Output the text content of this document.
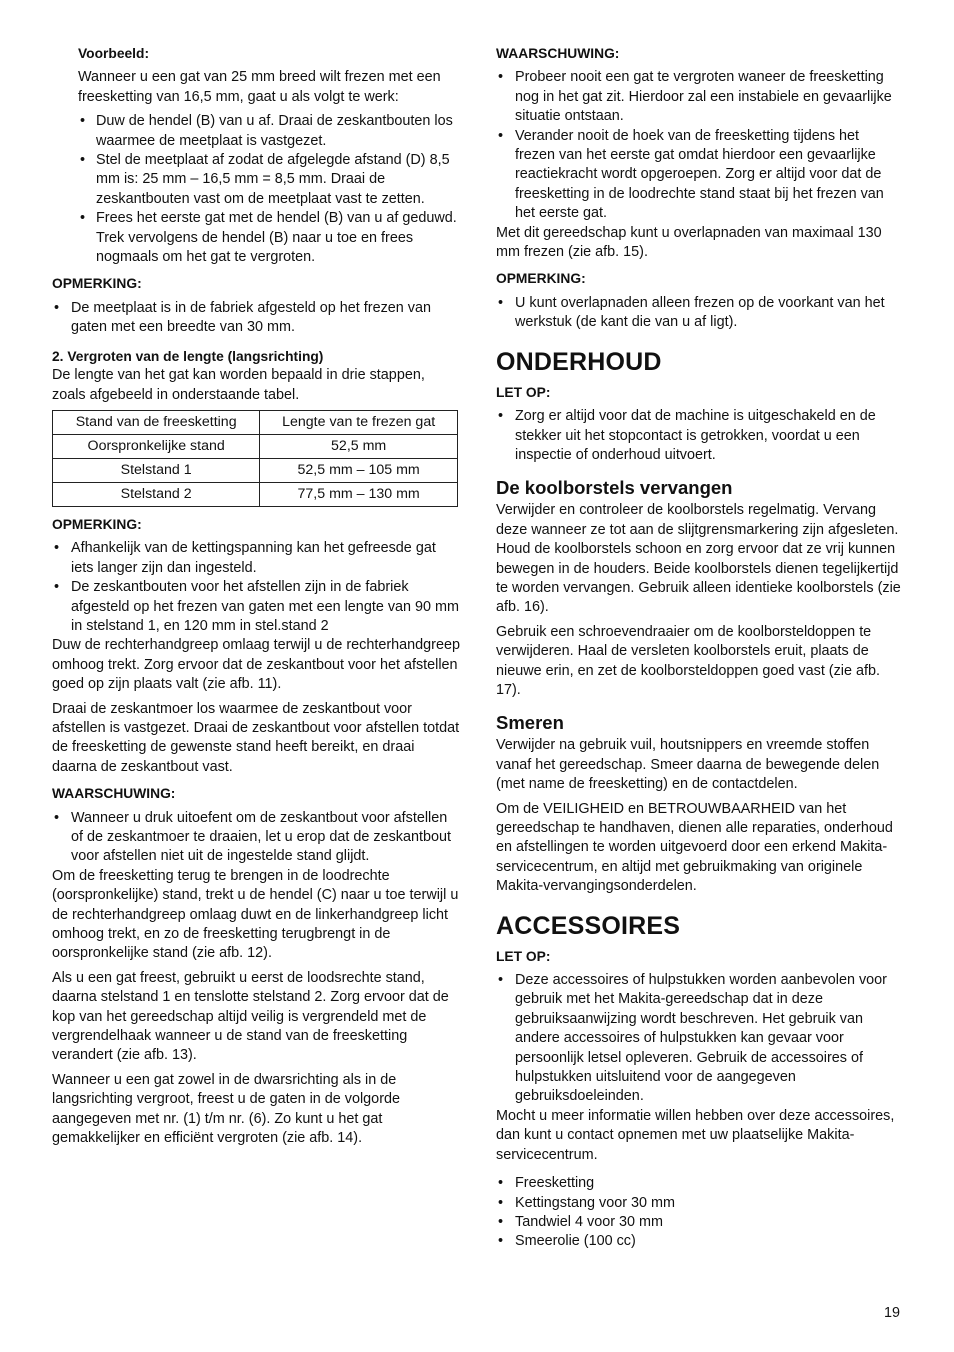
Voorbeeld:

Wanneer u een gat van 25 mm breed wilt frezen met een freesketting van 16,5 mm, gaat u als volgt te werk:

• Duw de hendel (B) van u af. Draai de zeskantbouten los waarmee de meetplaat is vastgezet.
• Stel de meetplaat af zodat de afgelegde afstand (D) 8,5 mm is: 25 mm – 16,5 mm = 8,5 mm. Draai de zeskantbouten vast om de meetplaat vast te zetten.
• Frees het eerste gat met de hendel (B) van u af geduwd. Trek vervolgens de hendel (B) naar u toe en frees nogmaals om het gat te vergroten.

OPMERKING:

• De meetplaat is in de fabriek afgesteld op het frezen van gaten met een breedte van 30 mm.

2. Vergroten van de lengte (langsrichting)

De lengte van het gat kan worden bepaald in drie stappen, zoals afgebeeld in onderstaande tabel.

Stand van de freesketting	Lengte van te frezen gat
Oorspronkelijke stand	52,5 mm
Stelstand 1	52,5 mm – 105 mm
Stelstand 2	77,5 mm – 130 mm

OPMERKING:

• Afhankelijk van de kettingspanning kan het gefreesde gat iets langer zijn dan ingesteld.
• De zeskantbouten voor het afstellen zijn in de fabriek afgesteld op het frezen van gaten met een lengte van 90 mm in stelstand 1, en 120 mm in stel.stand 2

Duw de rechterhandgreep omlaag terwijl u de rechterhandgreep omhoog trekt. Zorg ervoor dat de zeskantbout voor het afstellen goed op zijn plaats valt (zie afb. 11).

Draai de zeskantmoer los waarmee de zeskantbout voor afstellen is vastgezet. Draai de zeskantbout voor afstellen totdat de freesketting de gewenste stand heeft bereikt, en draai daarna de zeskantbout vast.

WAARSCHUWING:

• Wanneer u druk uitoefent om de zeskantbout voor afstellen of de zeskantmoer te draaien, let u erop dat de zeskantbout voor afstellen niet uit de ingestelde stand glijdt.

Om de freesketting terug te brengen in de loodrechte (oorspronkelijke) stand, trekt u de hendel (C) naar u toe terwijl u de rechterhandgreep omlaag duwt en de linkerhandgreep licht omhoog trekt, en zo de freesketting terugbrengt in de oorspronkelijke stand (zie afb. 12).

Als u een gat freest, gebruikt u eerst de loodsrechte stand, daarna stelstand 1 en tenslotte stelstand 2. Zorg ervoor dat de kop van het gereedschap altijd veilig is vergrendeld met de vergrendelhaak wanneer u de stand van de freesketting verandert (zie afb. 13).

Wanneer u een gat zowel in de dwarsrichting als in de langsrichting vergroot, freest u de gaten in de volgorde aangegeven met nr. (1) t/m nr. (6). Zo kunt u het gat gemakkelijker en efficiënt vergroten (zie afb. 14).

WAARSCHUWING:

• Probeer nooit een gat te vergroten waneer de freesketting nog in het gat zit. Hierdoor zal een instabiele en gevaarlijke situatie ontstaan.
• Verander nooit de hoek van de freesketting tijdens het frezen van het eerste gat omdat hierdoor een gevaarlijke reactiekracht wordt opgeroepen. Zorg er altijd voor dat de freesketting in de loodrechte stand staat bij het frezen van het eerste gat.

Met dit gereedschap kunt u overlapnaden van maximaal 130 mm frezen (zie afb. 15).

OPMERKING:

• U kunt overlapnaden alleen frezen op de voorkant van het werkstuk (de kant die van u af ligt).
ONDERHOUD

LET OP:

• Zorg er altijd voor dat de machine is uitgeschakeld en de stekker uit het stopcontact is getrokken, voordat u een inspectie of onderhoud uitvoert.
De koolborstels vervangen

Verwijder en controleer de koolborstels regelmatig. Vervang deze wanneer ze tot aan de slijtgrensmarkering zijn afgesleten. Houd de koolborstels schoon en zorg ervoor dat ze vrij kunnen bewegen in de houders. Beide koolborstels dienen tegelijkertijd te worden vervangen. Gebruik alleen identieke koolborstels (zie afb. 16).

Gebruik een schroevendraaier om de koolborsteldoppen te verwijderen. Haal de versleten koolborstels eruit, plaats de nieuwe erin, en zet de koolborsteldoppen goed vast (zie afb. 17).

Smeren

Verwijder na gebruik vuil, houtsnippers en vreemde stoffen vanaf het gereedschap. Smeer daarna de bewegende delen (met name de freesketting) en de contactdelen.

Om de VEILIGHEID en BETROUWBAARHEID van het gereedschap te handhaven, dienen alle reparaties, onderhoud en afstellingen te worden uitgevoerd door een erkend Makita-servicecentrum, en altijd met gebruikmaking van originele Makita-vervangingsonderdelen.

ACCESSOIRES

LET OP:

• Deze accessoires of hulpstukken worden aanbevolen voor gebruik met het Makita-gereedschap dat in deze gebruiksaanwijzing wordt beschreven. Het gebruik van andere accessoires of hulpstukken kan gevaar voor persoonlijk letsel opleveren. Gebruik de accessoires of hulpstukken uitsluitend voor de aangegeven gebruiksdoeleinden.

Mocht u meer informatie willen hebben over deze accessoires, dan kunt u contact opnemen met uw plaatselijke Makita-servicecentrum.

• Freesketting
• Kettingstang voor 30 mm
• Tandwiel 4 voor 30 mm
• Smeerolie (100 cc)
19
